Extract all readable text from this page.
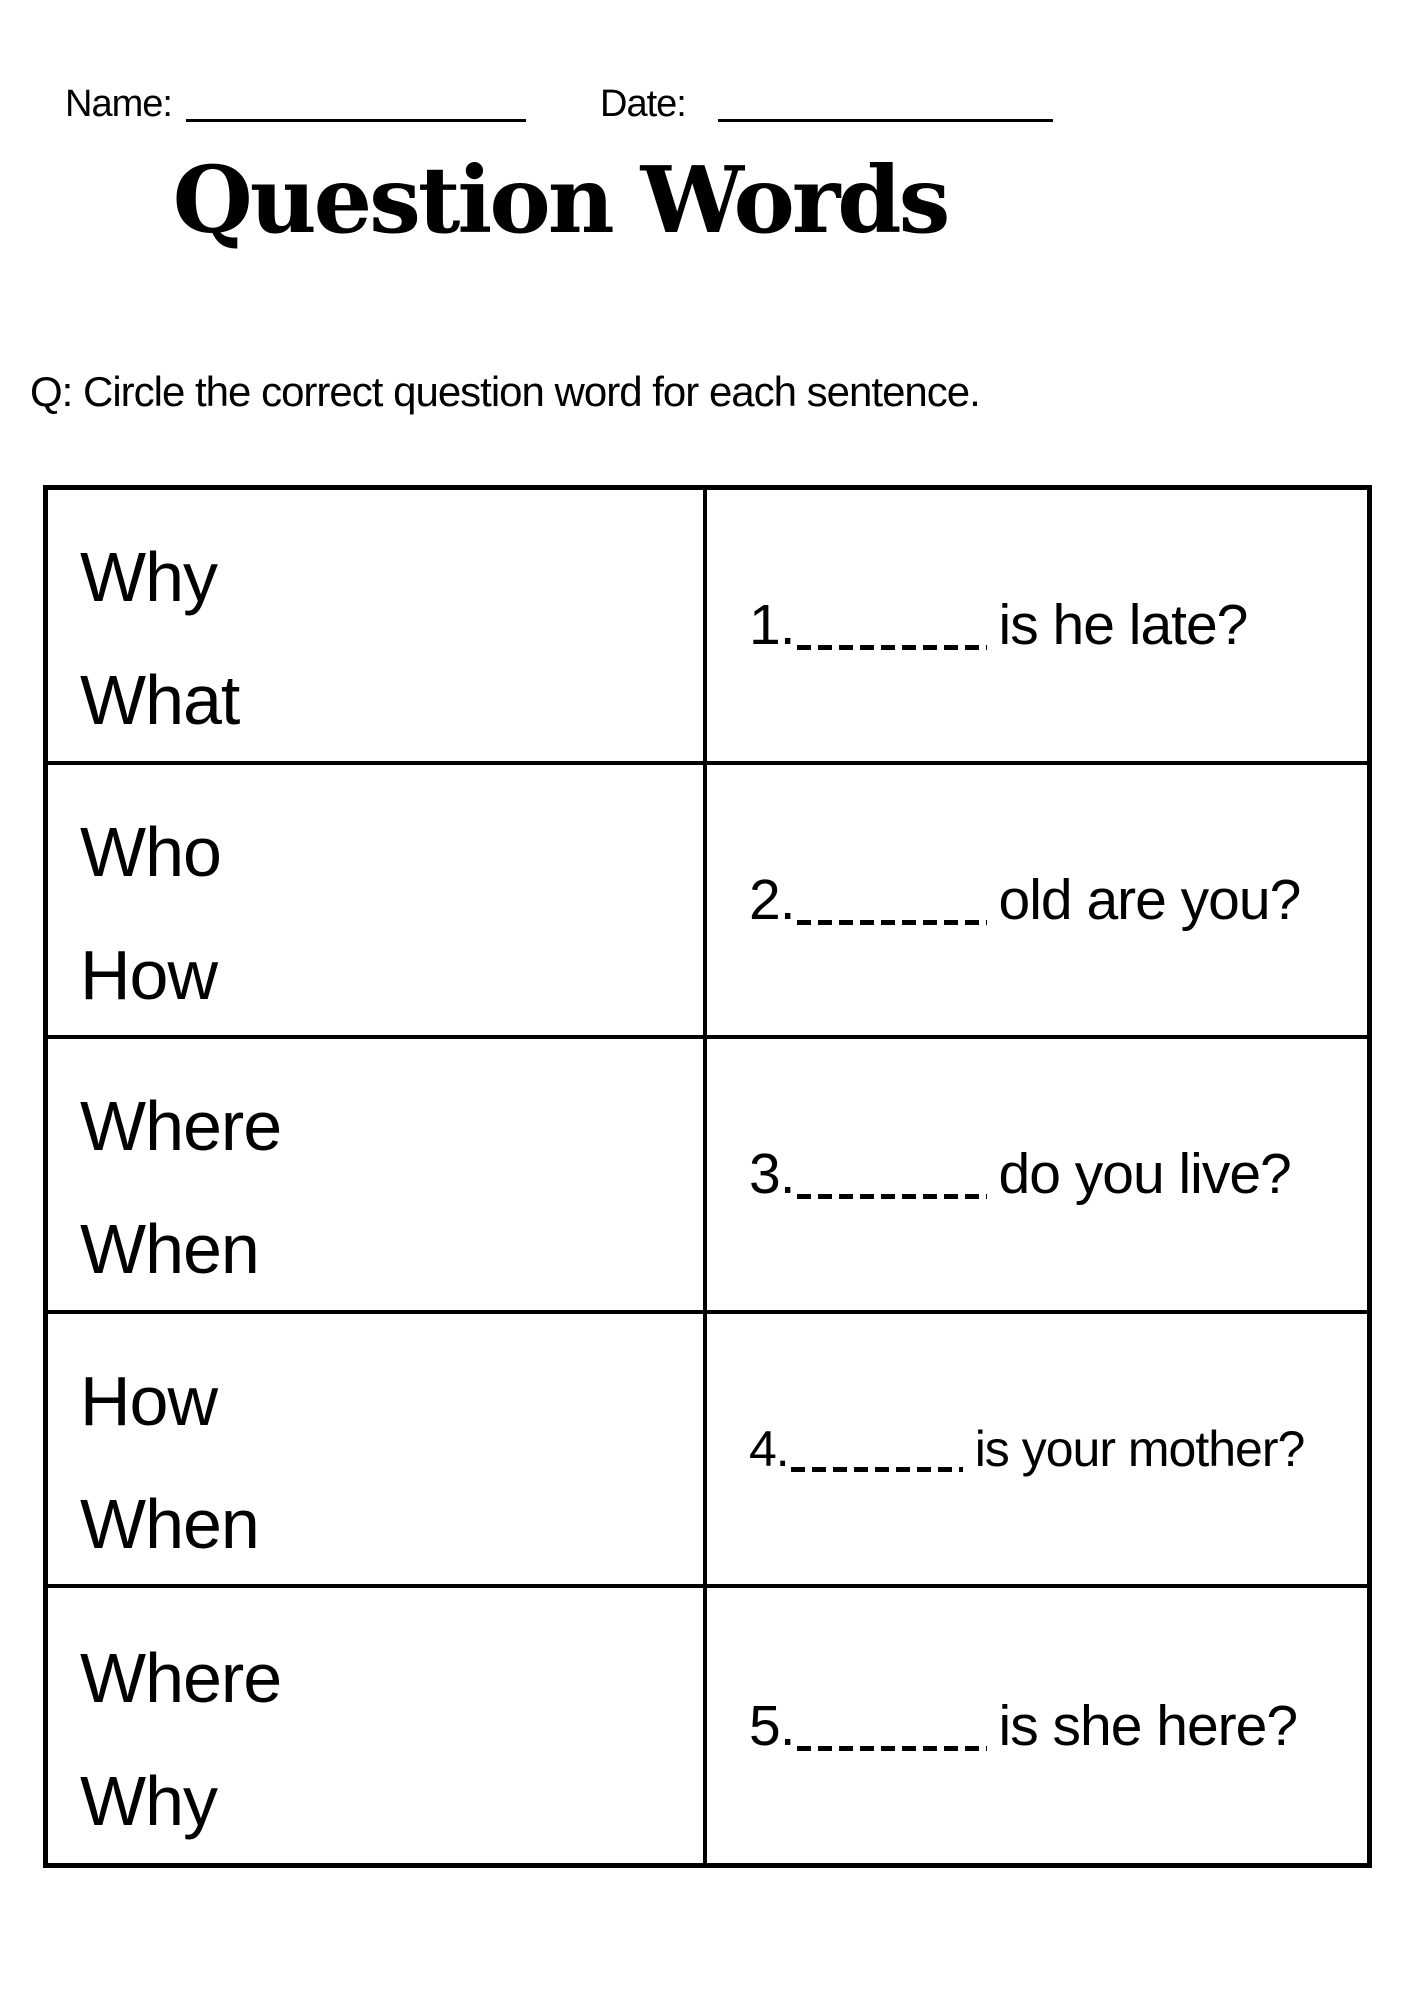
Name:	Date:
Question Words
Q: Circle the correct question word for each sentence.
Why
What
1.	is he late?
Who
How
2.	old are you?
Where
When
3.	do you live?
How
When
4.	is your mother?
Where
Why
5.	is she here?
